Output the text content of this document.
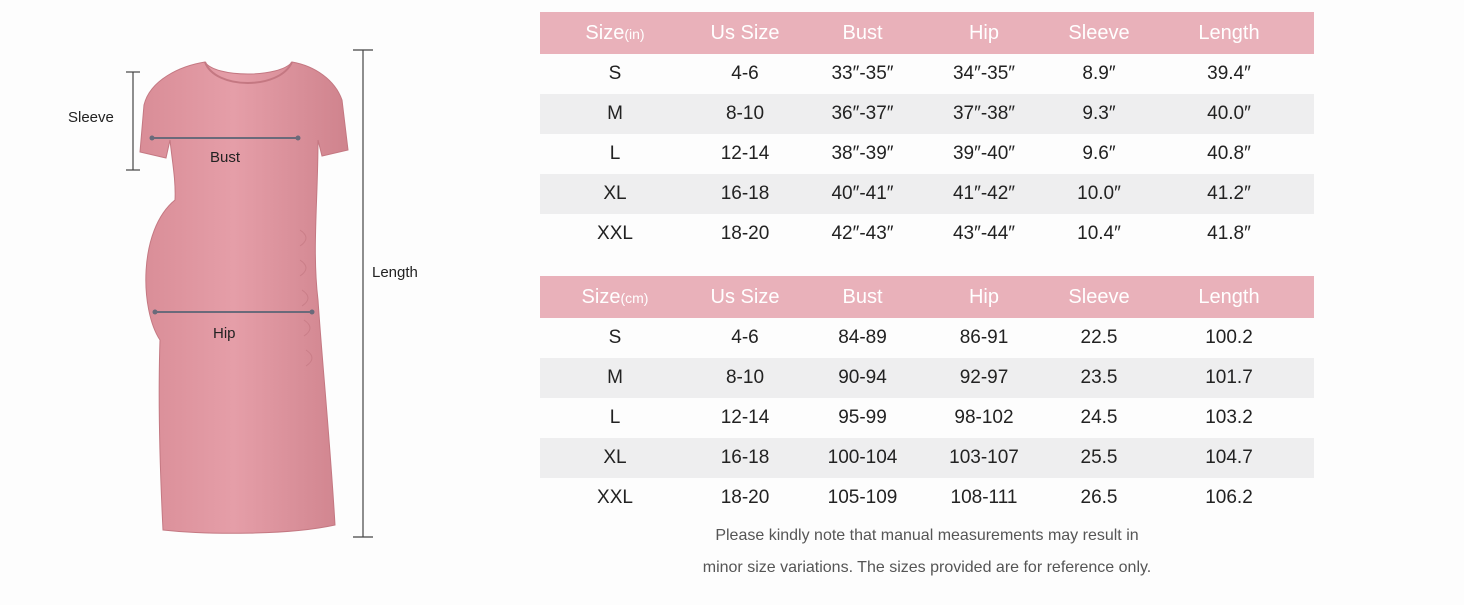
Sleeve
Bust
Hip
Length
Size(in)	Us Size	Bust	Hip	Sleeve	Length
S	4-6	33″-35″	34″-35″	8.9″	39.4″
M	8-10	36″-37″	37″-38″	9.3″	40.0″
L	12-14	38″-39″	39″-40″	9.6″	40.8″
XL	16-18	40″-41″	41″-42″	10.0″	41.2″
XXL	18-20	42″-43″	43″-44″	10.4″	41.8″
Size(cm)	Us Size	Bust	Hip	Sleeve	Length
S	4-6	84-89	86-91	22.5	100.2
M	8-10	90-94	92-97	23.5	101.7
L	12-14	95-99	98-102	24.5	103.2
XL	16-18	100-104	103-107	25.5	104.7
XXL	18-20	105-109	108-111	26.5	106.2
Please kindly note that manual measurements may result in
minor size variations. The sizes provided are for reference only.
